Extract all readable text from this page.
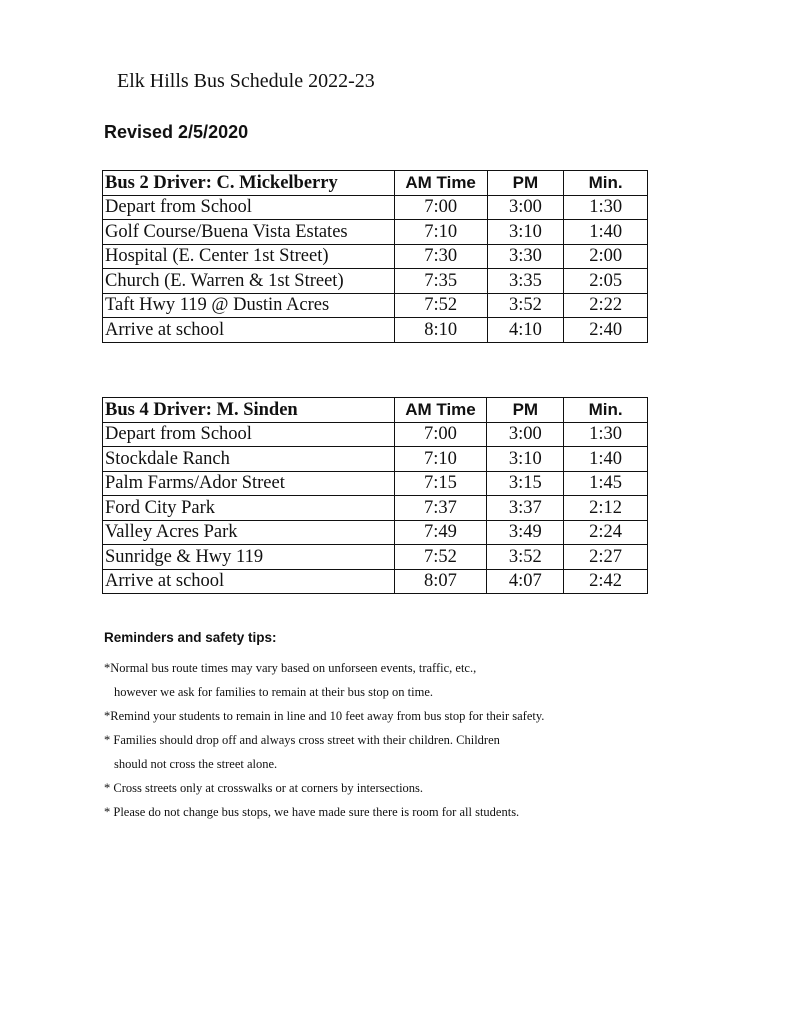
Elk Hills Bus Schedule 2022-23
Revised 2/5/2020
Bus 2 Driver: C. Mickelberry	AM Time	PM	Min.
Depart from School	7:00	3:00	1:30
Golf Course/Buena Vista Estates	7:10	3:10	1:40
Hospital (E. Center 1st Street)	7:30	3:30	2:00
Church (E. Warren & 1st Street)	7:35	3:35	2:05
Taft Hwy 119 @ Dustin Acres	7:52	3:52	2:22
Arrive at school	8:10	4:10	2:40
Bus 4 Driver: M. Sinden	AM Time	PM	Min.
Depart from School	7:00	3:00	1:30
Stockdale Ranch	7:10	3:10	1:40
Palm Farms/Ador Street	7:15	3:15	1:45
Ford City Park	7:37	3:37	2:12
Valley Acres Park	7:49	3:49	2:24
Sunridge & Hwy 119	7:52	3:52	2:27
Arrive at school	8:07	4:07	2:42
Reminders and safety tips:
*Normal bus route times may vary based on unforseen events, traffic, etc.,
however we ask for families to remain at their bus stop on time.
*Remind your students to remain in line and 10 feet away from bus stop for their safety.
* Families should drop off and always cross street with their children. Children
should not cross the street alone.
* Cross streets only at crosswalks or at corners by intersections.
* Please do not change bus stops, we have made sure there is room for all students.
